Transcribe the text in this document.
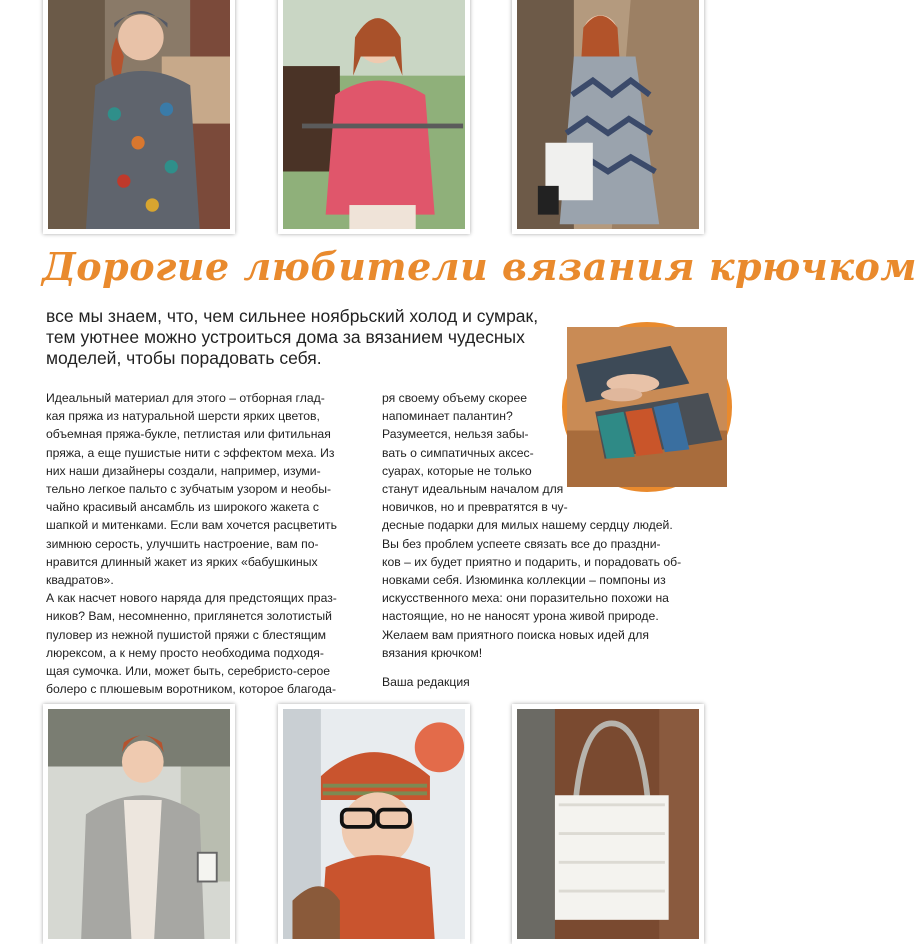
Дорогие любители вязания крючком

все мы знаем, что, чем сильнее ноябрьский холод и сумрак,

тем уютнее можно устроиться дома за вязанием чудесных

моделей, чтобы порадовать себя.

Идеальный материал для этого – отборная глад-

кая пряжа из натуральной шерсти ярких цветов,

объемная пряжа-букле, петлистая или фитильная

пряжа, а еще пушистые нити с эффектом меха. Из

них наши дизайнеры создали, например, изуми-

тельно легкое пальто с зубчатым узором и необы-

чайно красивый ансамбль из широкого жакета с

шапкой и митенками. Если вам хочется расцветить

зимнюю серость, улучшить настроение, вам по-

нравится длинный жакет из ярких «бабушкиных

квадратов».

А как насчет нового наряда для предстоящих праз-

ников? Вам, несомненно, приглянется золотистый

пуловер из нежной пушистой пряжи с блестящим

люрексом, а к нему просто необходима подходя-

щая сумочка. Или, может быть, серебристо-серое

болеро с плюшевым воротником, которое благода-

ря своему объему скорее

напоминает палантин?

Разумеется, нельзя забы-

вать о симпатичных аксес-

суарах, которые не только

станут идеальным началом для

новичков, но и превратятся в чу-

десные подарки для милых нашему сердцу людей.

Вы без проблем успеете связать все до праздни-

ков – их будет приятно и подарить, и порадовать об-

новками себя. Изюминка коллекции – помпоны из

искусственного меха: они поразительно похожи на

настоящие, но не наносят урона живой природе.

Желаем вам приятного поиска новых идей для

вязания крючком!

Ваша редакция
